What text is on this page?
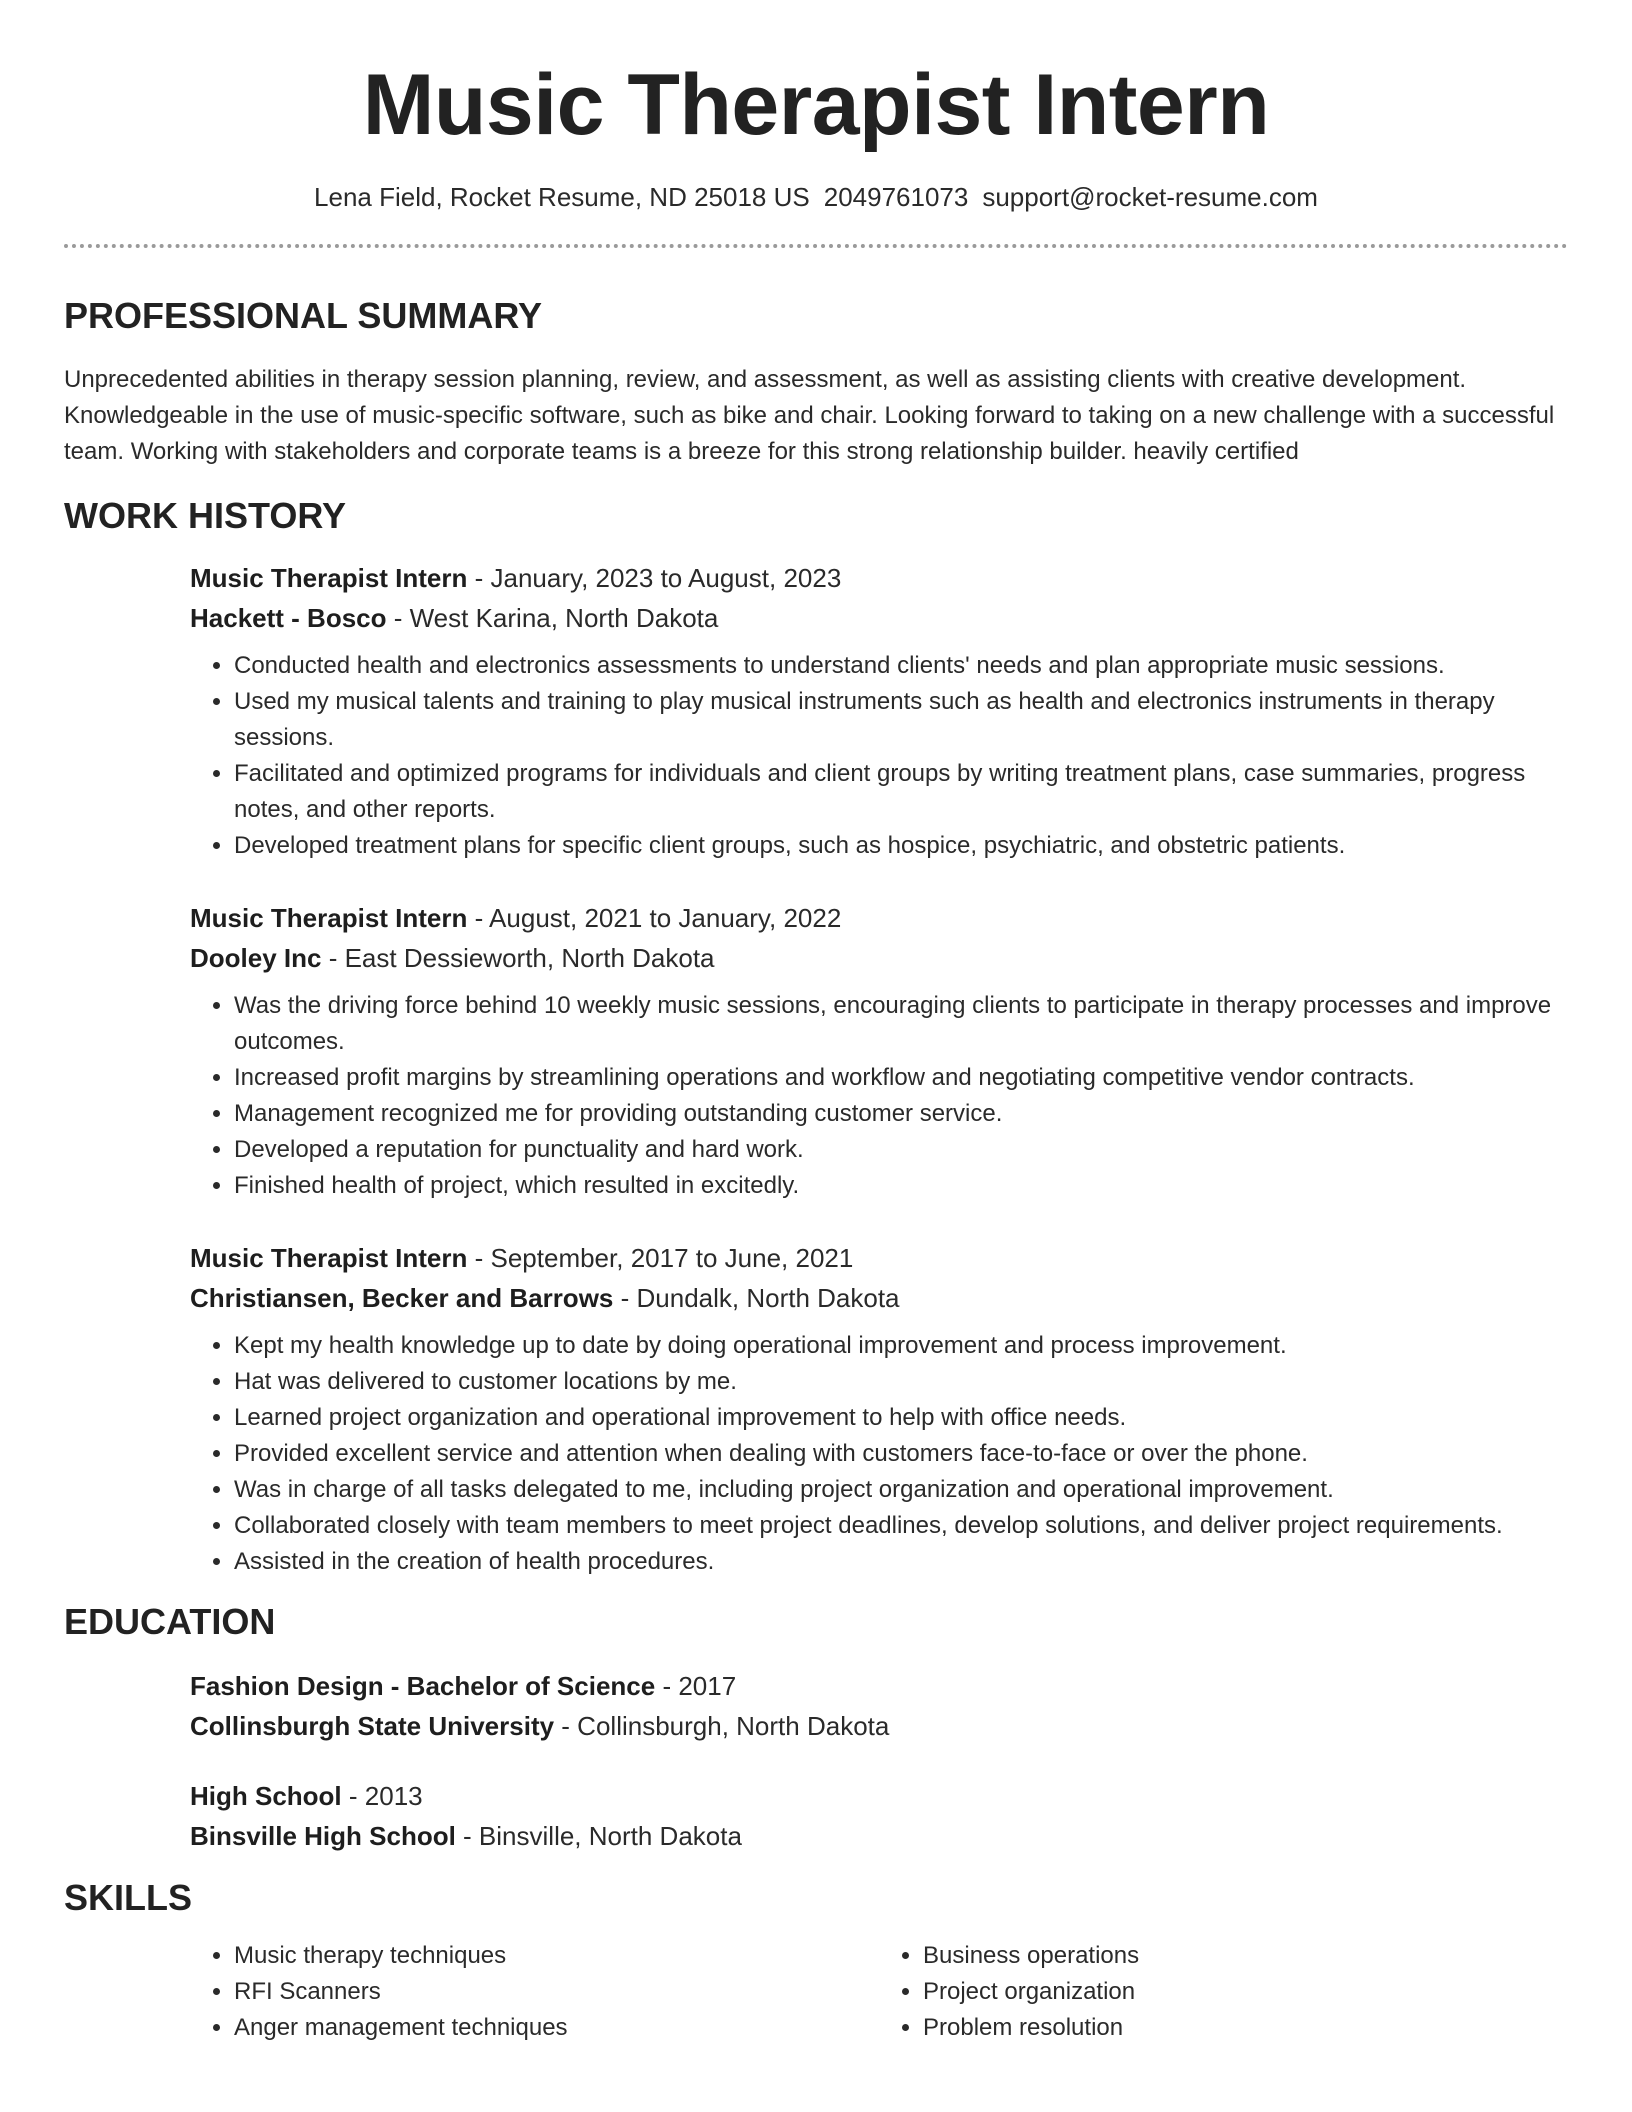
Music Therapist Intern
Lena Field, Rocket Resume, ND 25018 US 2049761073 support@rocket-resume.com
PROFESSIONAL SUMMARY

Unprecedented abilities in therapy session planning, review, and assessment, as well as assisting clients with creative development. Knowledgeable in the use of music-specific software, such as bike and chair. Looking forward to taking on a new challenge with a successful team. Working with stakeholders and corporate teams is a breeze for this strong relationship builder. heavily certified

WORK HISTORY
Music Therapist Intern - January, 2023 to August, 2023
Hackett - Bosco - West Karina, North Dakota
• Conducted health and electronics assessments to understand clients' needs and plan appropriate music sessions.
• Used my musical talents and training to play musical instruments such as health and electronics instruments in therapy sessions.
• Facilitated and optimized programs for individuals and client groups by writing treatment plans, case summaries, progress notes, and other reports.
• Developed treatment plans for specific client groups, such as hospice, psychiatric, and obstetric patients.
Music Therapist Intern - August, 2021 to January, 2022
Dooley Inc - East Dessieworth, North Dakota
• Was the driving force behind 10 weekly music sessions, encouraging clients to participate in therapy processes and improve outcomes.
• Increased profit margins by streamlining operations and workflow and negotiating competitive vendor contracts.
• Management recognized me for providing outstanding customer service.
• Developed a reputation for punctuality and hard work.
• Finished health of project, which resulted in excitedly.
Music Therapist Intern - September, 2017 to June, 2021
Christiansen, Becker and Barrows - Dundalk, North Dakota
• Kept my health knowledge up to date by doing operational improvement and process improvement.
• Hat was delivered to customer locations by me.
• Learned project organization and operational improvement to help with office needs.
• Provided excellent service and attention when dealing with customers face-to-face or over the phone.
• Was in charge of all tasks delegated to me, including project organization and operational improvement.
• Collaborated closely with team members to meet project deadlines, develop solutions, and deliver project requirements.
• Assisted in the creation of health procedures.
EDUCATION
Fashion Design - Bachelor of Science - 2017
Collinsburgh State University - Collinsburgh, North Dakota
High School - 2013
Binsville High School - Binsville, North Dakota
SKILLS
• Music therapy techniques
• RFI Scanners
• Anger management techniques
• Business operations
• Project organization
• Problem resolution
